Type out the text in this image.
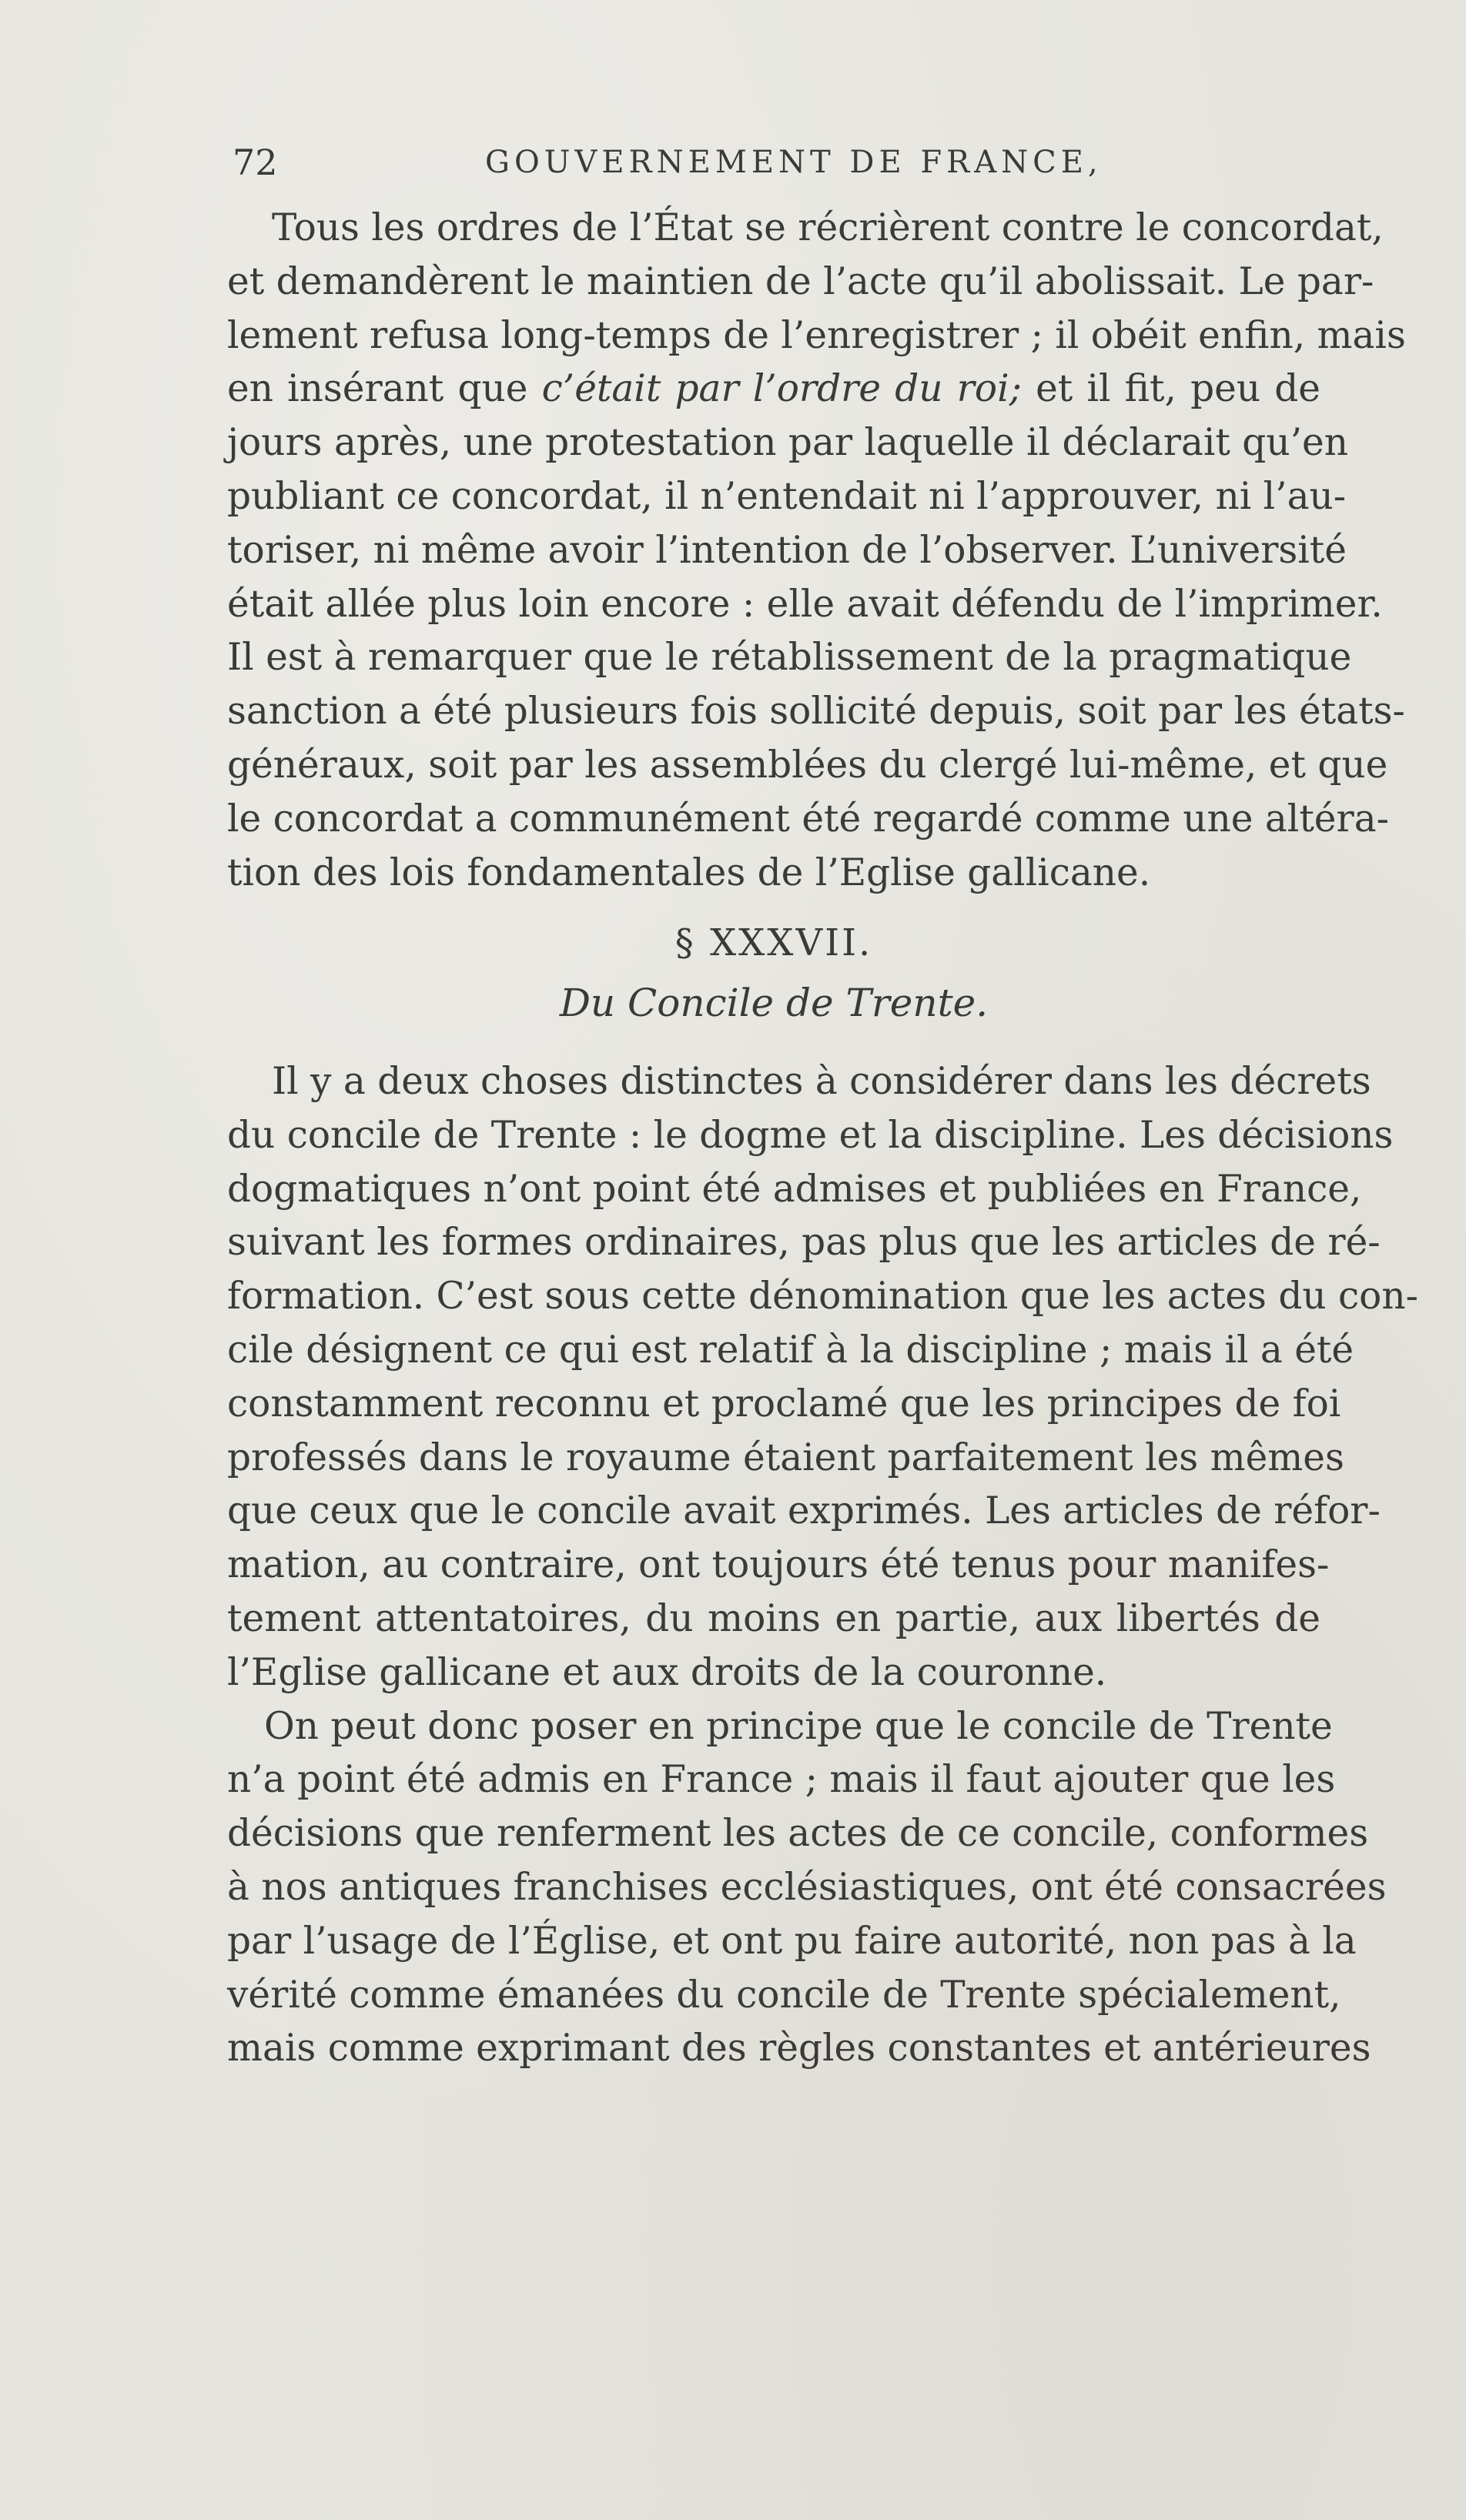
72	GOUVERNEMENT DE FRANCE,
Tous les ordres de l’État se récrièrent contre le concordat,
et demandèrent le maintien de l’acte qu’il abolissait. Le par-
lement refusa long-temps de l’enregistrer ; il obéit enfin, mais
en insérant que c’était par l’ordre du roi; et il fit, peu de
jours après, une protestation par laquelle il déclarait qu’en
publiant ce concordat, il n’entendait ni l’approuver, ni l’au-
toriser, ni même avoir l’intention de l’observer. L’université
était allée plus loin encore : elle avait défendu de l’imprimer.
Il est à remarquer que le rétablissement de la pragmatique
sanction a été plusieurs fois sollicité depuis, soit par les états-
généraux, soit par les assemblées du clergé lui-même, et que
le concordat a communément été regardé comme une altéra-
tion des lois fondamentales de l’Eglise gallicane.
§ XXXVII.
Du Concile de Trente.
Il y a deux choses distinctes à considérer dans les décrets
du concile de Trente : le dogme et la discipline. Les décisions
dogmatiques n’ont point été admises et publiées en France,
suivant les formes ordinaires, pas plus que les articles de ré-
formation. C’est sous cette dénomination que les actes du con-
cile désignent ce qui est relatif à la discipline ; mais il a été
constamment reconnu et proclamé que les principes de foi
professés dans le royaume étaient parfaitement les mêmes
que ceux que le concile avait exprimés. Les articles de réfor-
mation, au contraire, ont toujours été tenus pour manifes-
tement attentatoires, du moins en partie, aux libertés de
l’Eglise gallicane et aux droits de la couronne.
On peut donc poser en principe que le concile de Trente
n’a point été admis en France ; mais il faut ajouter que les
décisions que renferment les actes de ce concile, conformes
à nos antiques franchises ecclésiastiques, ont été consacrées
par l’usage de l’Église, et ont pu faire autorité, non pas à la
vérité comme émanées du concile de Trente spécialement,
mais comme exprimant des règles constantes et antérieures
